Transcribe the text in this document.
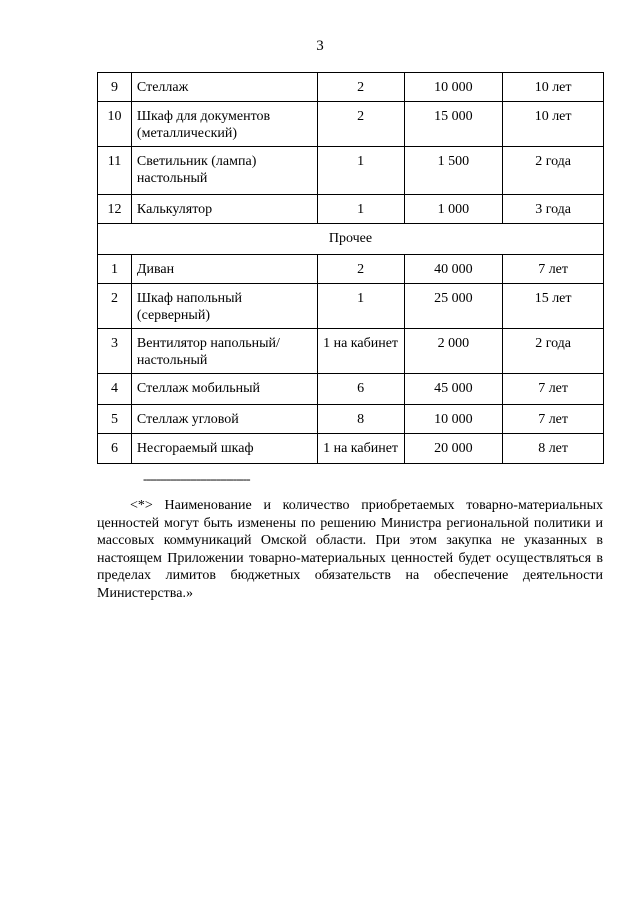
3
9	Стеллаж	2	10 000	10 лет
10	Шкаф для документов (металлический)	2	15 000	10 лет
11	Светильник (лампа) настольный	1	1 500	2 года
12	Калькулятор	1	1 000	3 года
Прочее				
1	Диван	2	40 000	7 лет
2	Шкаф напольный (серверный)	1	25 000	15 лет
3	Вентилятор напольный/настольный	1 на кабинет	2 000	2 года
4	Стеллаж мобильный	6	45 000	7 лет
5	Стеллаж угловой	8	10 000	7 лет
6	Несгораемый шкаф	1 на кабинет	20 000	8 лет
--------------------------------

<*> Наименование и количество приобретаемых товарно-материальных ценностей могут быть изменены по решению Министра региональной политики и массовых коммуникаций Омской области. При этом закупка не указанных в настоящем Приложении товарно-материальных ценностей будет осуществляться в пределах лимитов бюджетных обязательств на обеспечение деятельности Министерства.»
